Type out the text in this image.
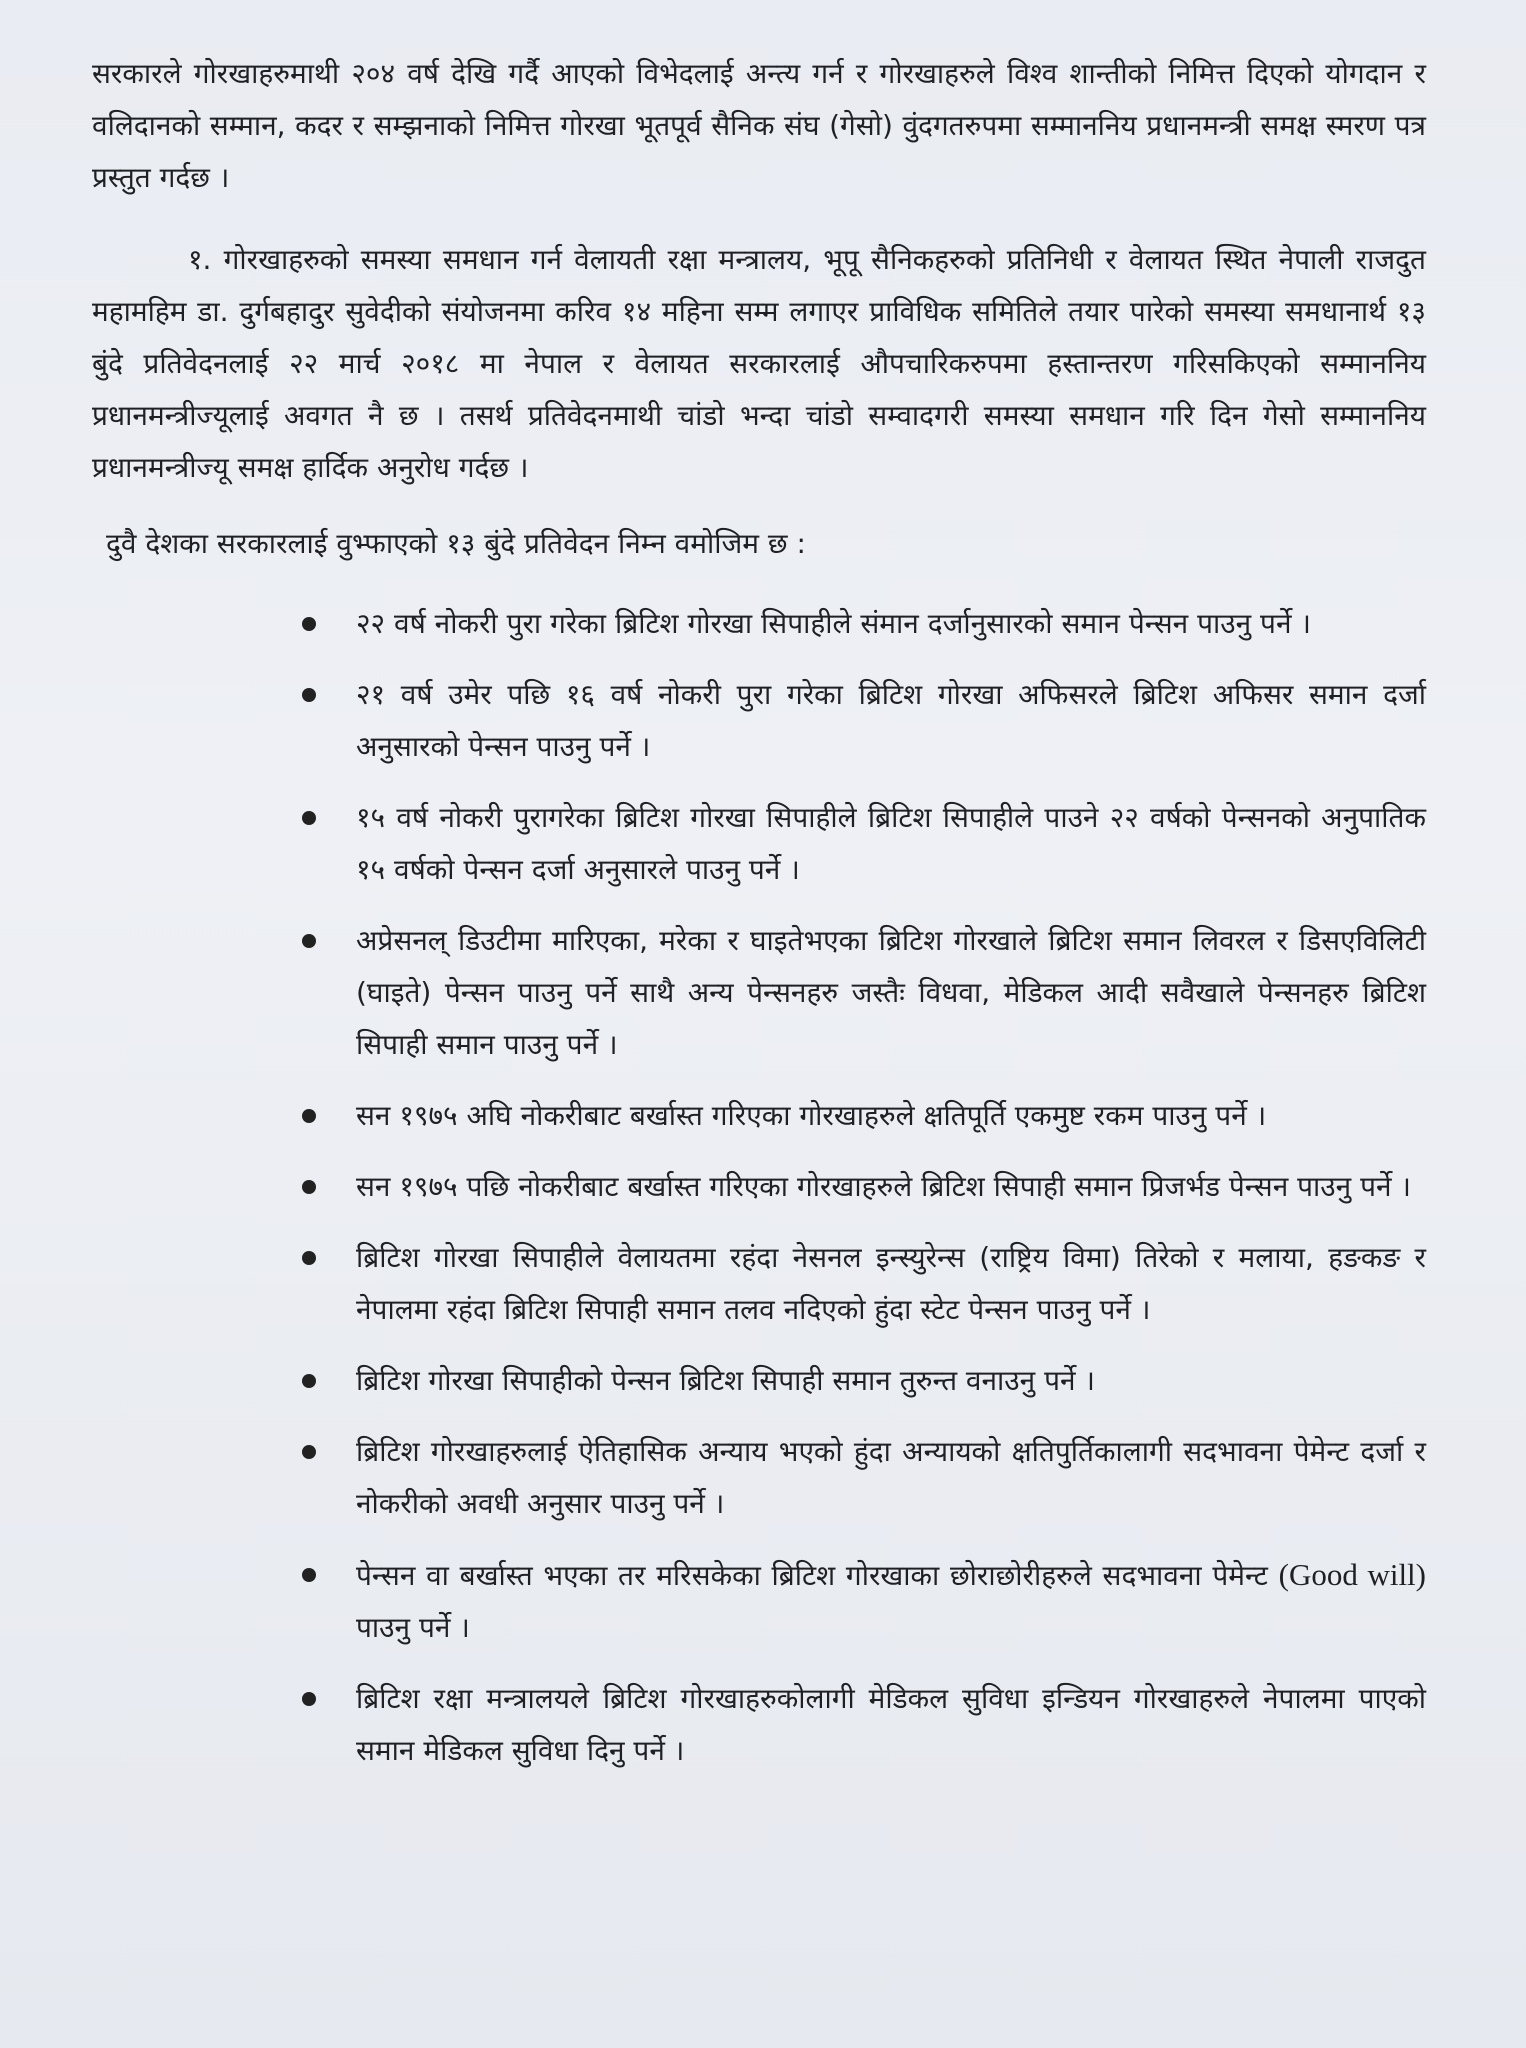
सरकारले गोरखाहरुमाथी २०४ वर्ष देखि गर्दै आएको विभेदलाई अन्त्य गर्न र गोरखाहरुले विश्व शान्तीको निमित्त दिएको योगदान र वलिदानको सम्मान, कदर र सम्झनाको निमित्त गोरखा भूतपूर्व सैनिक संघ (गेसो) वुंदगतरुपमा सम्माननिय प्रधानमन्त्री समक्ष स्मरण पत्र प्रस्तुत गर्दछ ।

१. गोरखाहरुको समस्या समधान गर्न वेलायती रक्षा मन्त्रालय, भूपू सैनिकहरुको प्रतिनिधी र वेलायत स्थित नेपाली राजदुत महामहिम डा. दुर्गबहादुर सुवेदीको संयोजनमा करिव १४ महिना सम्म लगाएर प्राविधिक समितिले तयार पारेको समस्या समधानार्थ १३ बुंदे प्रतिवेदनलाई २२ मार्च २०१८ मा नेपाल र वेलायत सरकारलाई औपचारिकरुपमा हस्तान्तरण गरिसकिएको सम्माननिय प्रधानमन्त्रीज्यूलाई अवगत नै छ । तसर्थ प्रतिवेदनमाथी चांडो भन्दा चांडो सम्वादगरी समस्या समधान गरि दिन गेसो सम्माननिय प्रधानमन्त्रीज्यू समक्ष हार्दिक अनुरोध गर्दछ ।

दुवै देशका सरकारलाई वुभ्फाएको १३ बुंदे प्रतिवेदन निम्न वमोजिम छ :

२२ वर्ष नोकरी पुरा गरेका ब्रिटिश गोरखा सिपाहीले संमान दर्जानुसारको समान पेन्सन पाउनु पर्ने ।
२१ वर्ष उमेर पछि १६ वर्ष नोकरी पुरा गरेका ब्रिटिश गोरखा अफिसरले ब्रिटिश अफिसर समान दर्जा अनुसारको पेन्सन पाउनु पर्ने ।
१५ वर्ष नोकरी पुरागरेका ब्रिटिश गोरखा सिपाहीले ब्रिटिश सिपाहीले पाउने २२ वर्षको पेन्सनको अनुपातिक १५ वर्षको पेन्सन दर्जा अनुसारले पाउनु पर्ने ।
अप्रेसनल् डिउटीमा मारिएका, मरेका र घाइतेभएका ब्रिटिश गोरखाले ब्रिटिश समान लिवरल र डिसएविलिटी (घाइते) पेन्सन पाउनु पर्ने साथै अन्य पेन्सनहरु जस्तैः विधवा, मेडिकल आदी सवैखाले पेन्सनहरु ब्रिटिश सिपाही समान पाउनु पर्ने ।
सन १९७५ अघि नोकरीबाट बर्खास्त गरिएका गोरखाहरुले क्षतिपूर्ति एकमुष्ट रकम पाउनु पर्ने ।
सन १९७५ पछि नोकरीबाट बर्खास्त गरिएका गोरखाहरुले ब्रिटिश सिपाही समान प्रिजर्भड पेन्सन पाउनु पर्ने ।
ब्रिटिश गोरखा सिपाहीले वेलायतमा रहंदा नेसनल इन्स्युरेन्स (राष्ट्रिय विमा) तिरेको र मलाया, हङकङ र नेपालमा रहंदा ब्रिटिश सिपाही समान तलव नदिएको हुंदा स्टेट पेन्सन पाउनु पर्ने ।
ब्रिटिश गोरखा सिपाहीको पेन्सन ब्रिटिश सिपाही समान तुरुन्त वनाउनु पर्ने ।
ब्रिटिश गोरखाहरुलाई ऐतिहासिक अन्याय भएको हुंदा अन्यायको क्षतिपुर्तिकालागी सदभावना पेमेन्ट दर्जा र नोकरीको अवधी अनुसार पाउनु पर्ने ।
पेन्सन वा बर्खास्त भएका तर मरिसकेका ब्रिटिश गोरखाका छोराछोरीहरुले सदभावना पेमेन्ट (Good will) पाउनु पर्ने ।
ब्रिटिश रक्षा मन्त्रालयले ब्रिटिश गोरखाहरुकोलागी मेडिकल सुविधा इन्डियन गोरखाहरुले नेपालमा पाएको समान मेडिकल सुविधा दिनु पर्ने ।
